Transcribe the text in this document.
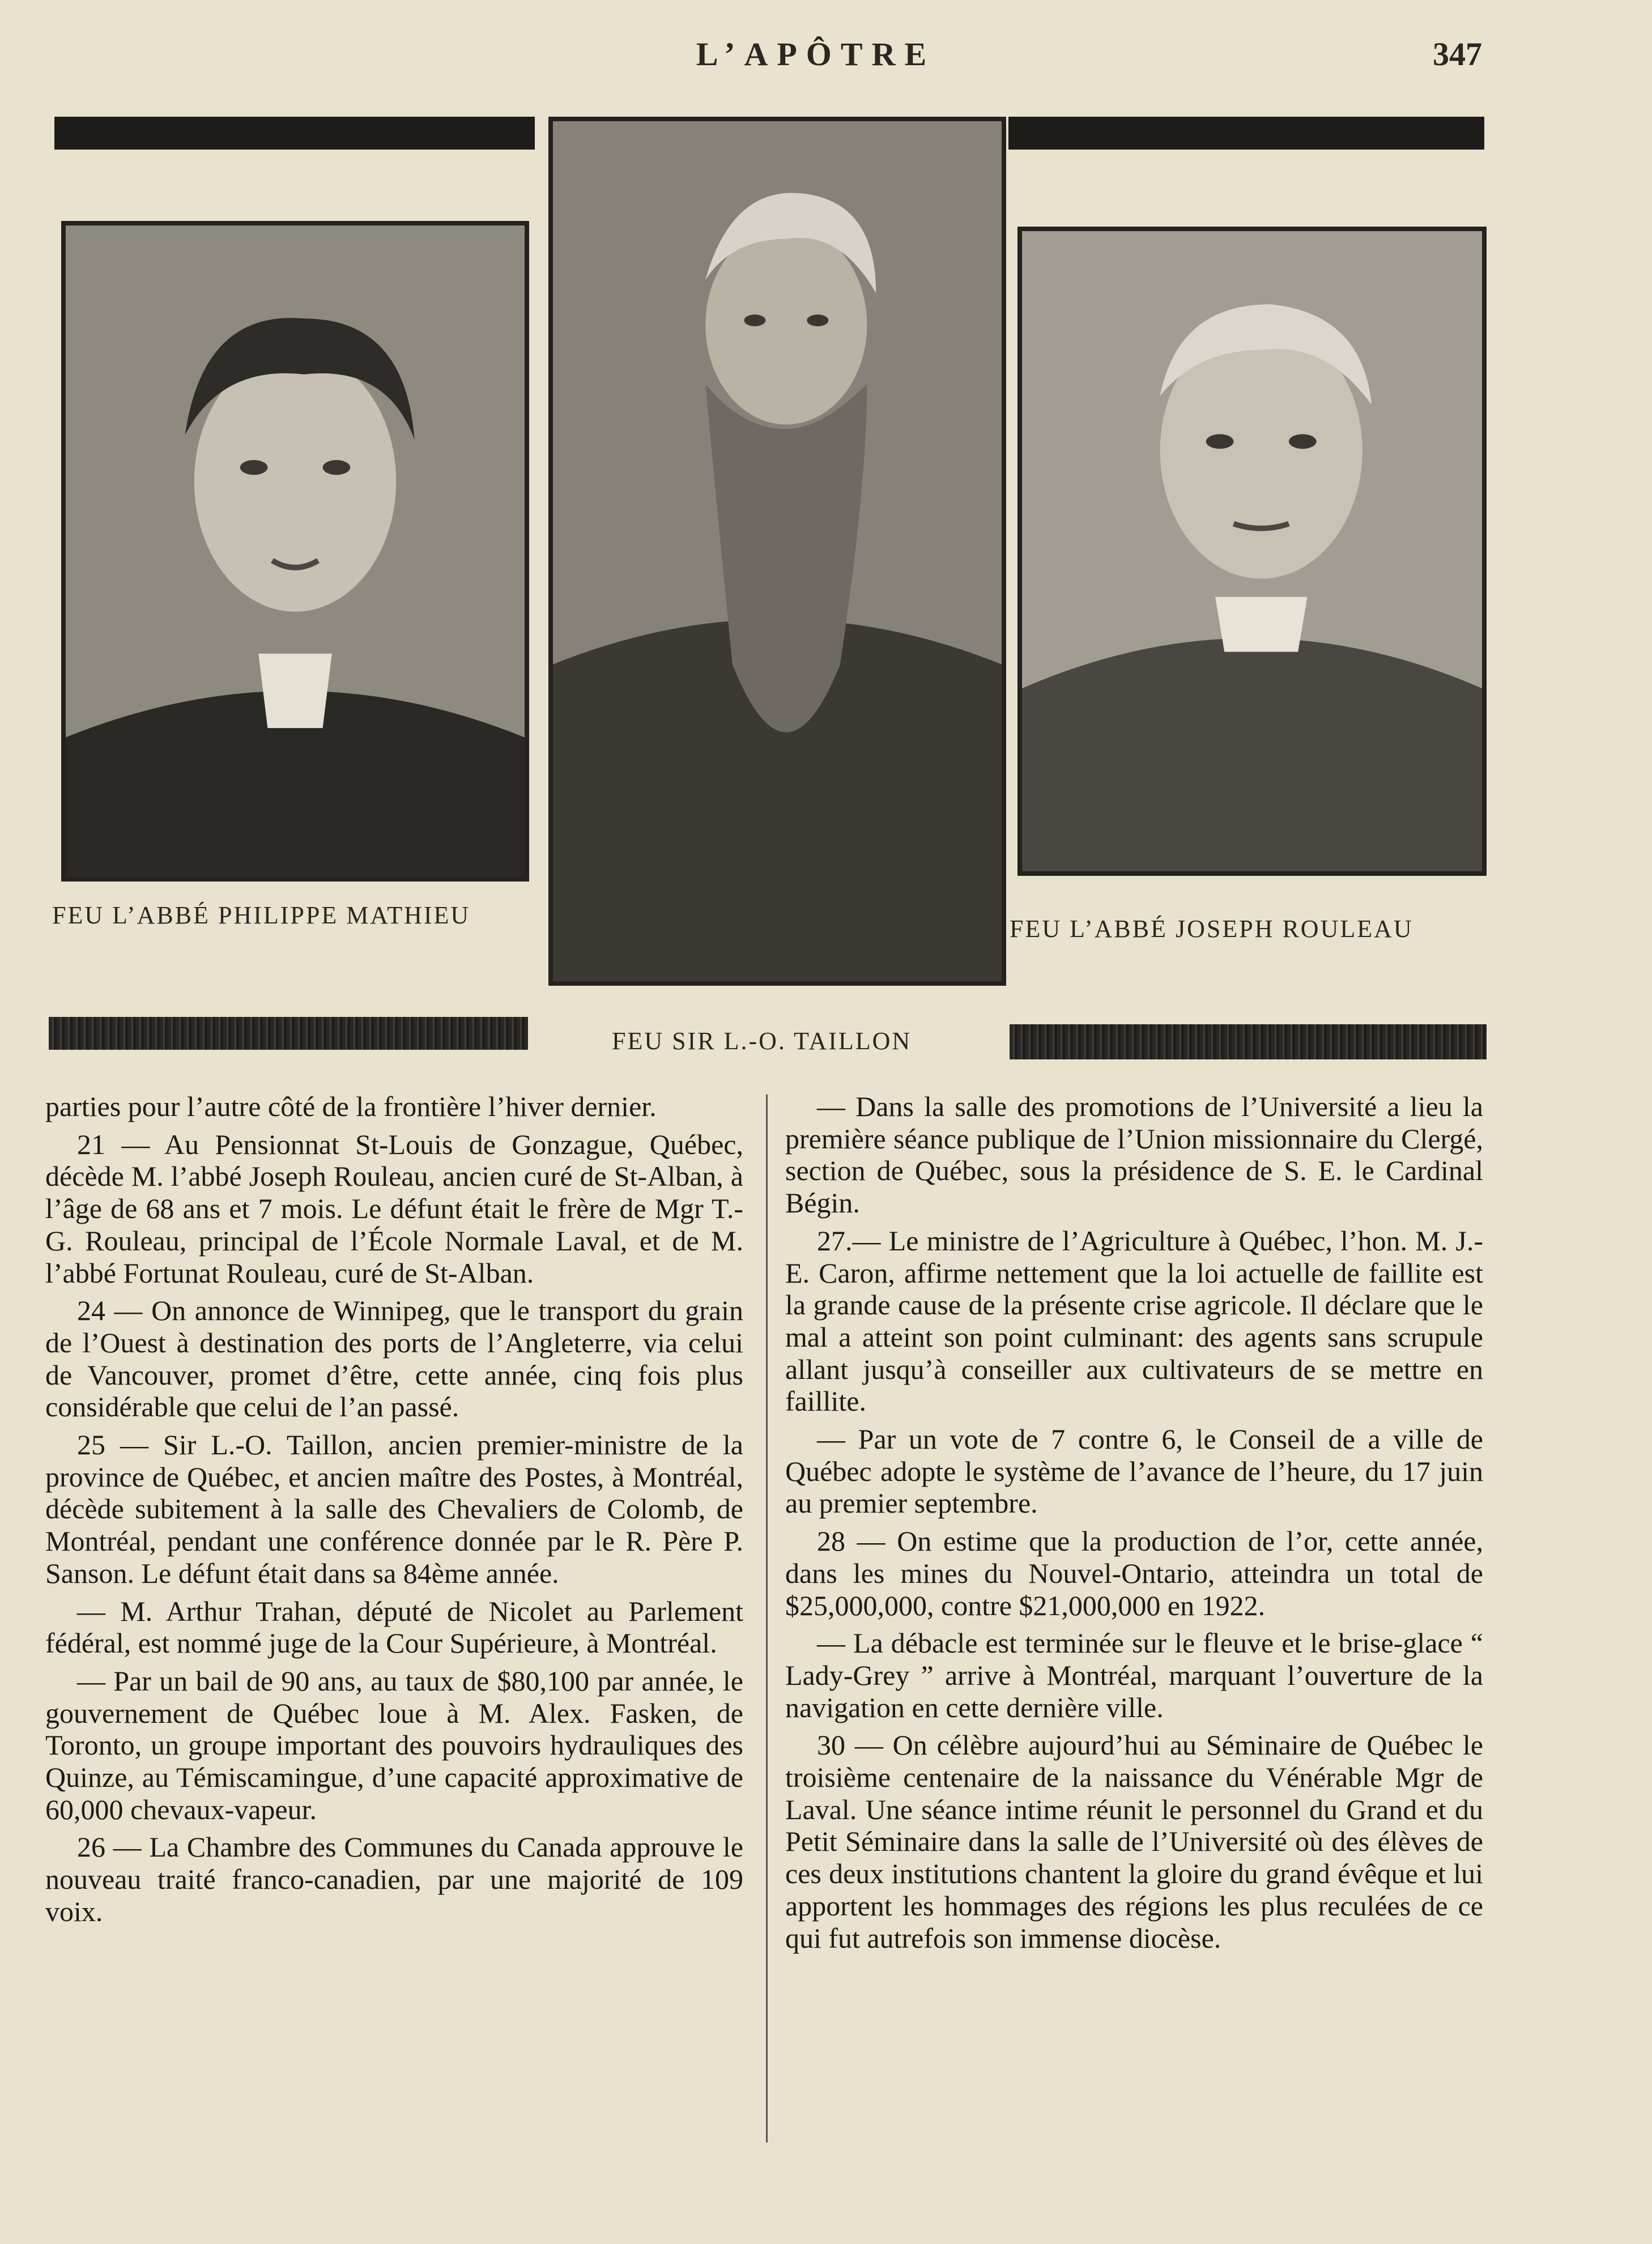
L’APÔTRE	347
FEU L’ABBÉ PHILIPPE MATHIEU
FEU SIR L.-O. TAILLON
FEU L’ABBÉ JOSEPH ROULEAU

parties pour l’autre côté de la frontière l’hiver dernier.

21 — Au Pensionnat St-Louis de Gonzague, Québec, décède M. l’abbé Joseph Rouleau, ancien curé de St-Alban, à l’âge de 68 ans et 7 mois. Le défunt était le frère de Mgr T.-G. Rouleau, principal de l’École Normale Laval, et de M. l’abbé Fortunat Rouleau, curé de St-Alban.

24 — On annonce de Winnipeg, que le transport du grain de l’Ouest à destination des ports de l’Angleterre, via celui de Vancouver, promet d’être, cette année, cinq fois plus considérable que celui de l’an passé.

25 — Sir L.-O. Taillon, ancien premier-ministre de la province de Québec, et ancien maître des Postes, à Montréal, décède subitement à la salle des Chevaliers de Colomb, de Montréal, pendant une conférence donnée par le R. Père P. Sanson. Le défunt était dans sa 84ème année.

— M. Arthur Trahan, député de Nicolet au Parlement fédéral, est nommé juge de la Cour Supérieure, à Montréal.

— Par un bail de 90 ans, au taux de $80,100 par année, le gouvernement de Québec loue à M. Alex. Fasken, de Toronto, un groupe important des pouvoirs hydrauliques des Quinze, au Témiscamingue, d’une capacité approximative de 60,000 chevaux-vapeur.

26 — La Chambre des Communes du Canada approuve le nouveau traité franco-canadien, par une majorité de 109 voix.

— Dans la salle des promotions de l’Université a lieu la première séance publique de l’Union missionnaire du Clergé, section de Québec, sous la présidence de S. E. le Cardinal Bégin.

27.— Le ministre de l’Agriculture à Québec, l’hon. M. J.-E. Caron, affirme nettement que la loi actuelle de faillite est la grande cause de la présente crise agricole. Il déclare que le mal a atteint son point culminant: des agents sans scrupule allant jusqu’à conseiller aux cultivateurs de se mettre en faillite.

— Par un vote de 7 contre 6, le Conseil de a ville de Québec adopte le système de l’avance de l’heure, du 17 juin au premier septembre.

28 — On estime que la production de l’or, cette année, dans les mines du Nouvel-Ontario, atteindra un total de $25,000,000, contre $21,000,000 en 1922.

— La débacle est terminée sur le fleuve et le brise-glace “ Lady-Grey ” arrive à Montréal, marquant l’ouverture de la navigation en cette dernière ville.

30 — On célèbre aujourd’hui au Séminaire de Québec le troisième centenaire de la naissance du Vénérable Mgr de Laval. Une séance intime réunit le personnel du Grand et du Petit Séminaire dans la salle de l’Université où des élèves de ces deux institutions chantent la gloire du grand évêque et lui apportent les hommages des régions les plus reculées de ce qui fut autrefois son immense diocèse.
